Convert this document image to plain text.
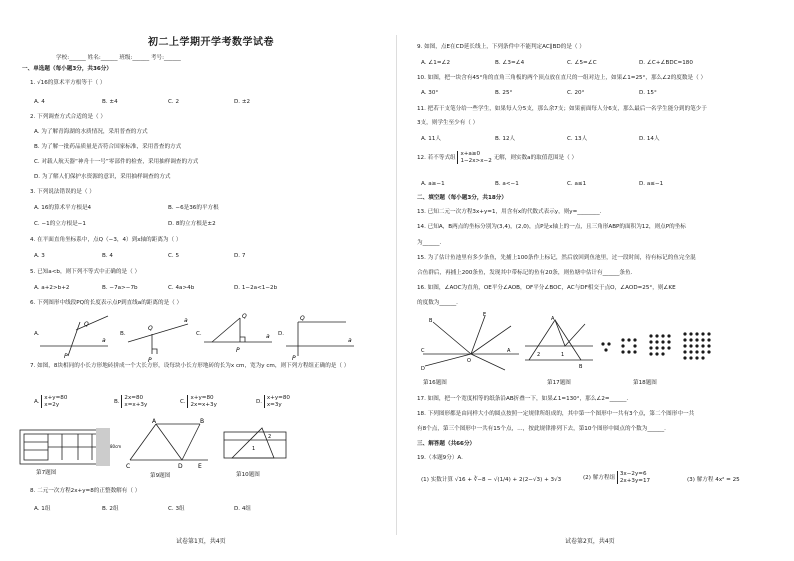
初二上学期开学考数学试卷
学校:______ 姓名:______ 班级:______ 考号:______
一、单选题（每小题3分，共36分）
1. √16的算术平方根等于（ ）
A. 4	B. ±4	C. 2	D. ±2
2. 下列调查方式合适的是（ ）
A. 为了解青海湖的水质情况，采用普查的方式
B. 为了解一批药品质量是否符合国家标准，采用普查的方式
C. 对载人航天器“神舟十一号”零部件的检查，采用抽样调查的方式
D. 为了解人们保护水资源的意识，采用抽样调查的方式
3. 下列说法错误的是（ ）
A. 16的算术平方根是4	B. −6是36的平方根
C. −1的立方根是−1	D. 8的立方根是±2
4. 在平面直角坐标系中，点Q（−3，4）到x轴的距离为（ ）
A. 3	B. 4	C. 5	D. 7
5. 已知a<b，则下列不等式中正确的是（ ）
A. a+2>b+2	B. −7a>−7b	C. 4a>4b	D. 1−2a<1−2b
6. 下列图形中线段PQ的长度表示点P到直线a的距离的是（ ）
A.	B.	C.	D.
Q
P
a
Q
P
a
Q
P
a
Q
P
a
7. 如图，8块相同的小长方形地砖拼成一个大长方形，设每块小长方形地砖的长为x cm，宽为y cm，则下列方程组正确的是（ ）
A. x+y=80
x=2y	B. 2x=80
x=x+3y	C. x+y=80
2x=x+3y	D. x+y=80
x=3y
80cm
第7题图
A	B
C	D	E
第9题图
1
2
第10题图
8. 二元一次方程2x+y=8的正整数解有（ ）
A. 1组	B. 2组	C. 3组	D. 4组
试卷第1页，共4页
9. 如图，点E在CD延长线上，下列条件中不能判定AC∥BD的是（ ）
A. ∠1=∠2	B. ∠3=∠4	C. ∠5=∠C	D. ∠C+∠BDC=180
10. 如图，把一块含有45°角的直角三角板的两个顶点放在直尺的一组对边上，如果∠1=25°，那么∠2的度数是（ ）
A. 30°	B. 25°	C. 20°	D. 15°
11. 把若干支笔分给一些学生，如果每人分5支，那么余7支；如果前面每人分6支，那么最后一名学生能分到的笔少于
3支，则学生至少有（ ）
A. 11人	B. 12人	C. 13人	D. 14人
12. 若不等式组 x+a≥0
1−2x>x−2 无解，则实数a的取值范围是（ ）
A. a≥−1	B. a<−1	C. a≤1	D. a≤−1
二、填空题（每小题3分，共18分）
13. 已知二元一次方程3x+y=1，用含有x的代数式表示y，则y=________.
14. 已知A，B两点的坐标分别为(3,4)，(2,0)，点P是x轴上的一点，且三角形ABP的面积为12，则点P的坐标
为______.
15. 为了估计鱼池里有多少条鱼，先捕上100条作上标记，然后放回到鱼池里，过一段时间，待有标记的鱼完全混
合鱼群后，再捕上200条鱼，发现其中带标记的鱼有20条，则鱼塘中估计有______条鱼.
16. 如图，∠AOC为直角，OE平分∠AOB，OF平分∠BOC，AC与DF相交于点O，∠AOD=25°，则∠KE
的度数为______.
B
E
C
O
A
D
第16题图
A
B
1
2
第17题图	第18题图
17. 如图，把一个宽度相等的纸条沿AB折叠一下，如果∠1=130°，那么∠2=______.
18. 下列图形都是由同样大小的圆点按照一定规律所组成的，其中第一个图形中一共有3个点，第二个图形中一共
有8个点，第三个图形中一共有15个点，…，按此规律排列下去，第10个图形中圆点的个数为______.
三、解答题（共66分）
19.（本题9分）A.
(1) 实数计算 √16 + ∛−8 − √(1/4) + 2(2−√3) + 3√3	(2) 解方程组 3x−2y=6
2x+3y=17	(3) 解方程 4x² = 25
试卷第2页，共4页
